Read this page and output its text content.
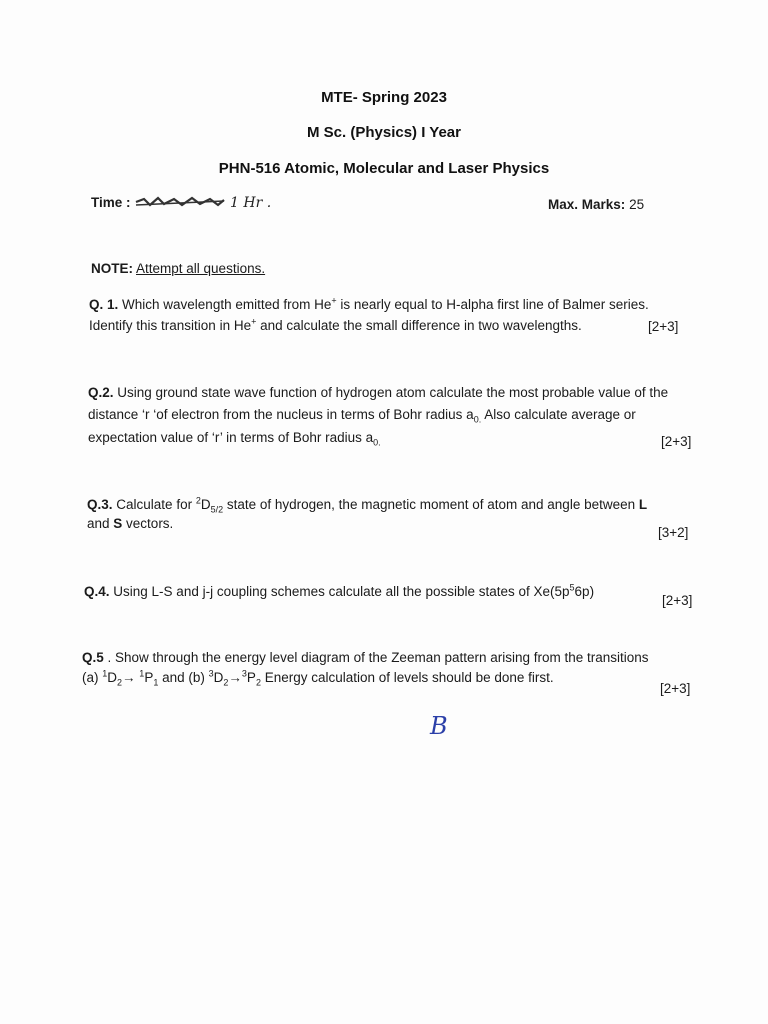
MTE- Spring 2023
M Sc. (Physics) I Year
PHN-516 Atomic, Molecular and Laser Physics
Time :	1 Hr .	Max. Marks: 25
NOTE: Attempt all questions.
Q. 1. Which wavelength emitted from He+ is nearly equal to H-alpha first line of Balmer series.
Identify this transition in He+ and calculate the small difference in two wavelengths.	[2+3]
Q.2. Using ground state wave function of hydrogen atom calculate the most probable value of the
distance ‘r ‘of electron from the nucleus in terms of Bohr radius $a_{0.}$ Also calculate average or
expectation value of ‘r’ in terms of Bohr radius $a_{0.}$	[2+3]
Q.3. Calculate for $^2D_{5/2}$ state of hydrogen, the magnetic moment of atom and angle between L
and S vectors.
[3+2]
Q.4. Using L-S and j-j coupling schemes calculate all the possible states of $Xe(5p^56p)$
[2+3]
Q.5 . Show through the energy level diagram of the Zeeman pattern arising from the transitions
(a) $^1D_2\to ^1P_1$ and (b) $^3D_2\to^3P_2$ Energy calculation of levels should be done first.
[2+3]
B
